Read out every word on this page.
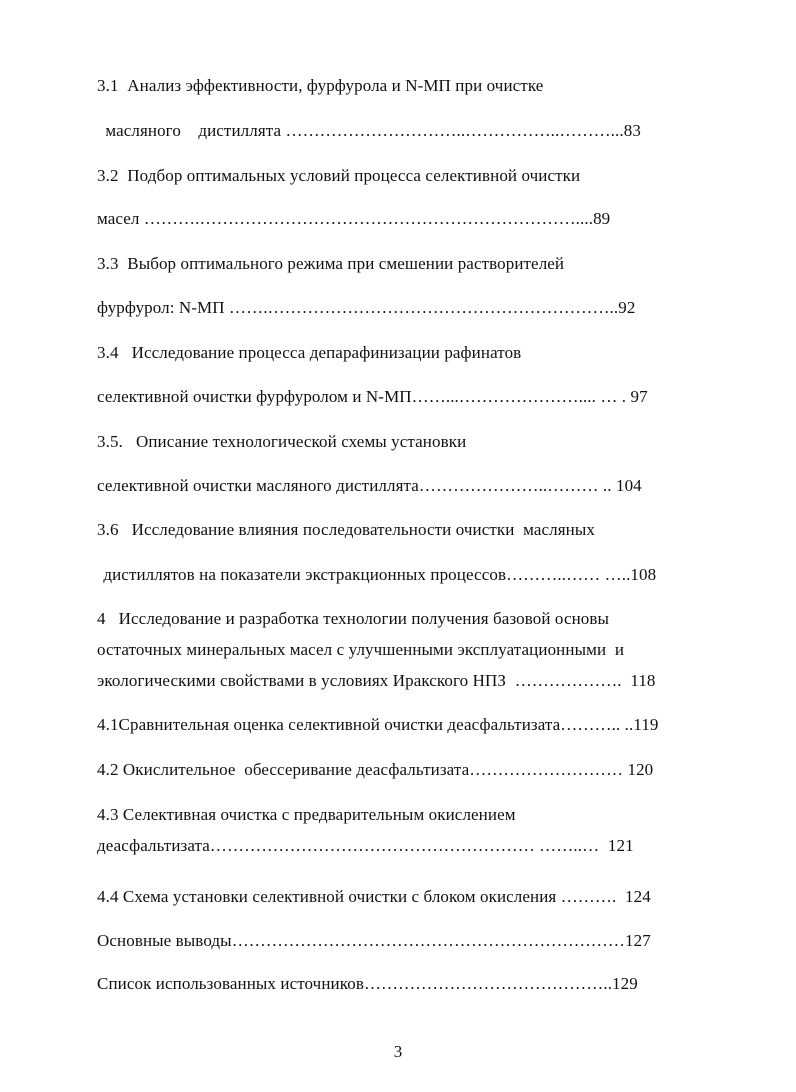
3.1  Анализ эффективности, фурфурола и N-МП при очистке
масляного    дистиллята …………………………..……………..………...83
3.2  Подбор оптимальных условий процесса селективной очистки
масел ……….…………………………………………………………....89
3.3  Выбор оптимального режима при смешении растворителей
фурфурол: N-МП …….……………………………………………………..92
3.4   Исследование процесса депарафинизации рафинатов
селективной очистки фурфуролом и N-МП……...………………….... … . 97
3.5.   Описание технологической схемы установки
селективной очистки масляного дистиллята…………………..……… .. 104
3.6   Исследование влияния последовательности очистки  масляных
дистиллятов на показатели экстракционных процессов………..…… …..108
4   Исследование и разработка технологии получения базовой основы
остаточных минеральных масел с улучшенными эксплуатационными  и
экологическими свойствами в условиях Иракского НПЗ  ……………….  118
4.1Сравнительная оценка селективной очистки деасфальтизата……….. ..119
4.2 Окислительное  обессеривание деасфальтизата……………………… 120
4.3 Селективная очистка с предварительным окислением
деасфальтизата………………………………………………… ……..…  121
4.4 Схема установки селективной очистки с блоком окисления ……….  124
Основные выводы……………………………………………………………127
Список использованных источников……………………………………..129
3
